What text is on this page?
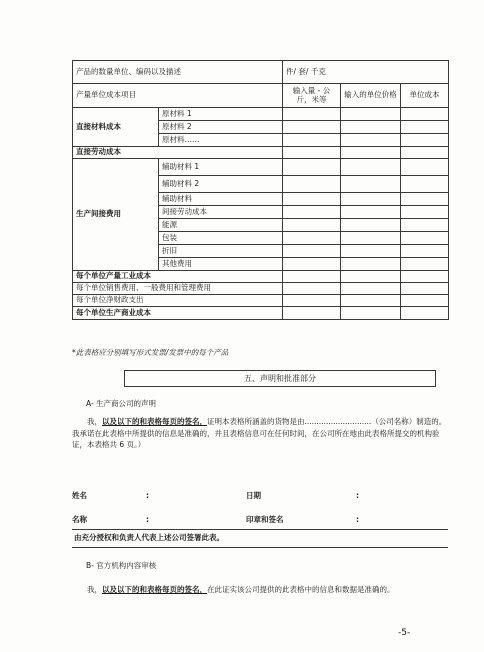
产品的数量单位、编码以及描述		件/ 套/ 千克		
产量单位成本项目		输入量 - 公斤，米等	输入的单位价格	单位成本
直接材料成本	原材料 1			
	原材料 2			
	原材料……			
直接劳动成本				
生产间接费用	辅助材料 1			
	辅助材料 2			
	辅助材料			
	间接劳动成本			
	能源			
	包装			
	折旧			
	其他费用			
每个单位产量工业成本				
每个单位销售费用、一般费用和管理费用				
每个单位净财政支出				
每个单位生产商业成本				
*此表格应分别填写形式发票/发票中的每个产品
五、声明和批准部分
A- 生产商公司的声明
我，以及以下的和表格每页的签名，证明本表格所涵盖的货物是由............................（公司名称）制造的。我承诺在此表格中所提供的信息是准确的，并且表格信息可在任何时间，在公司所在地由此表格所提交的机构验证，本表格共 6 页。）
姓名	:	日期	:
名称	:	印章和签名	:
由充分授权和负责人代表上述公司签署此表。
B- 官方机构内容审核
我，以及以下的和表格每页的签名，在此证实该公司提供的此表格中的信息和数据是准确的。
-5-
